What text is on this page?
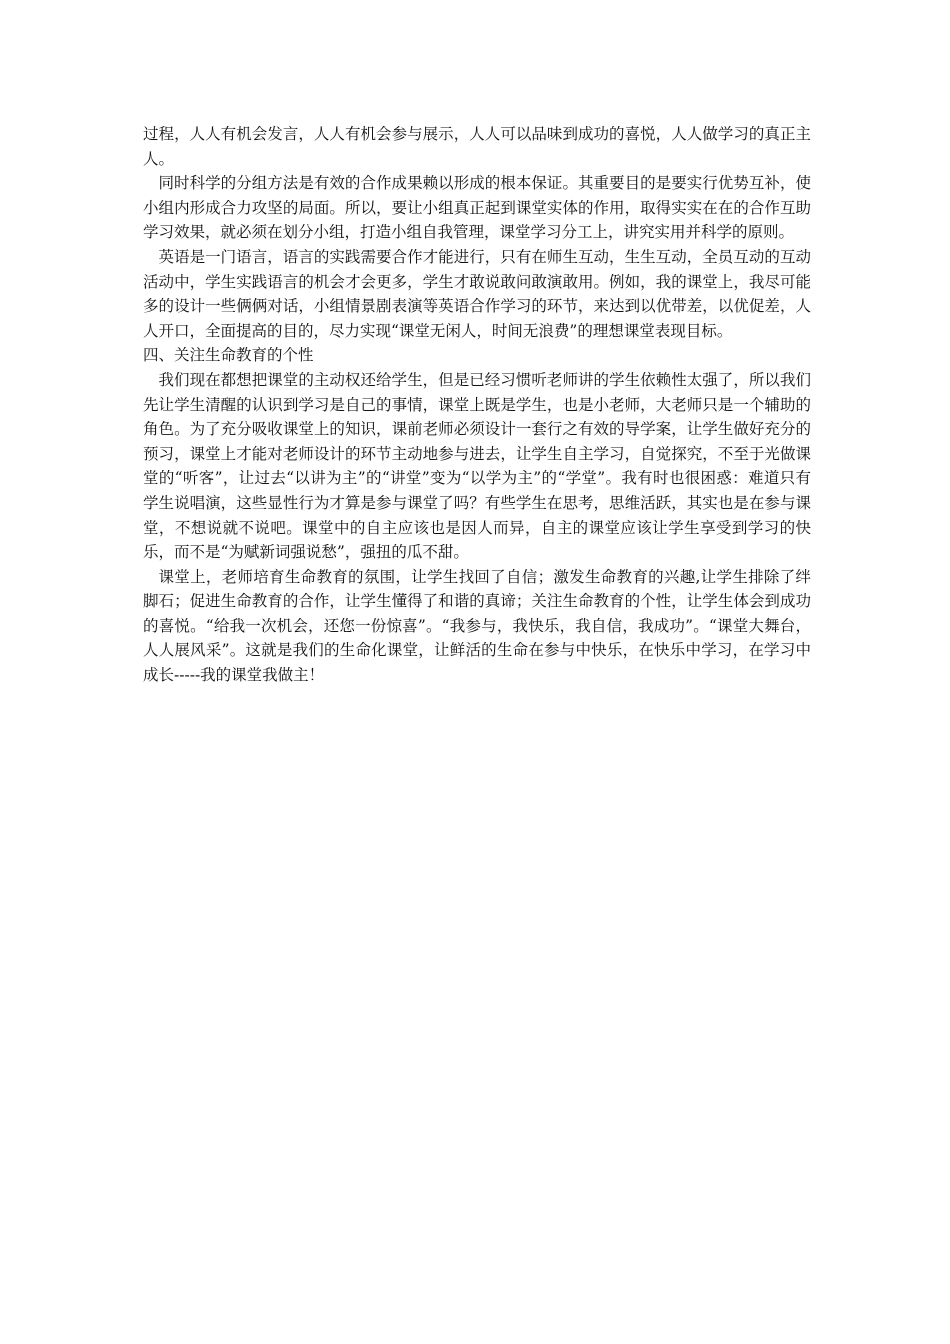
过程，人人有机会发言，人人有机会参与展示，人人可以品味到成功的喜悦，人人做学习的真正主人。

同时科学的分组方法是有效的合作成果赖以形成的根本保证。其重要目的是要实行优势互补，使小组内形成合力攻坚的局面。所以，要让小组真正起到课堂实体的作用，取得实实在在的合作互助学习效果，就必须在划分小组，打造小组自我管理，课堂学习分工上，讲究实用并科学的原则。

英语是一门语言，语言的实践需要合作才能进行，只有在师生互动，生生互动，全员互动的互动活动中，学生实践语言的机会才会更多，学生才敢说敢问敢演敢用。例如，我的课堂上，我尽可能多的设计一些俩俩对话，小组情景剧表演等英语合作学习的环节，来达到以优带差，以优促差，人人开口，全面提高的目的，尽力实现“课堂无闲人，时间无浪费”的理想课堂表现目标。

四、关注生命教育的个性

我们现在都想把课堂的主动权还给学生，但是已经习惯听老师讲的学生依赖性太强了，所以我们先让学生清醒的认识到学习是自己的事情，课堂上既是学生，也是小老师，大老师只是一个辅助的角色。为了充分吸收课堂上的知识，课前老师必须设计一套行之有效的导学案，让学生做好充分的预习，课堂上才能对老师设计的环节主动地参与进去，让学生自主学习，自觉探究，不至于光做课堂的“听客”，让过去“以讲为主”的“讲堂”变为“以学为主”的“学堂”。我有时也很困惑：难道只有学生说唱演，这些显性行为才算是参与课堂了吗？有些学生在思考，思维活跃，其实也是在参与课堂，不想说就不说吧。课堂中的自主应该也是因人而异，自主的课堂应该让学生享受到学习的快乐，而不是“为赋新词强说愁”，强扭的瓜不甜。

课堂上，老师培育生命教育的氛围，让学生找回了自信；激发生命教育的兴趣,让学生排除了绊脚石；促进生命教育的合作，让学生懂得了和谐的真谛；关注生命教育的个性，让学生体会到成功的喜悦。“给我一次机会，还您一份惊喜”。“我参与，我快乐，我自信，我成功”。“课堂大舞台，人人展风采”。这就是我们的生命化课堂，让鲜活的生命在参与中快乐，在快乐中学习，在学习中成长-----我的课堂我做主！
